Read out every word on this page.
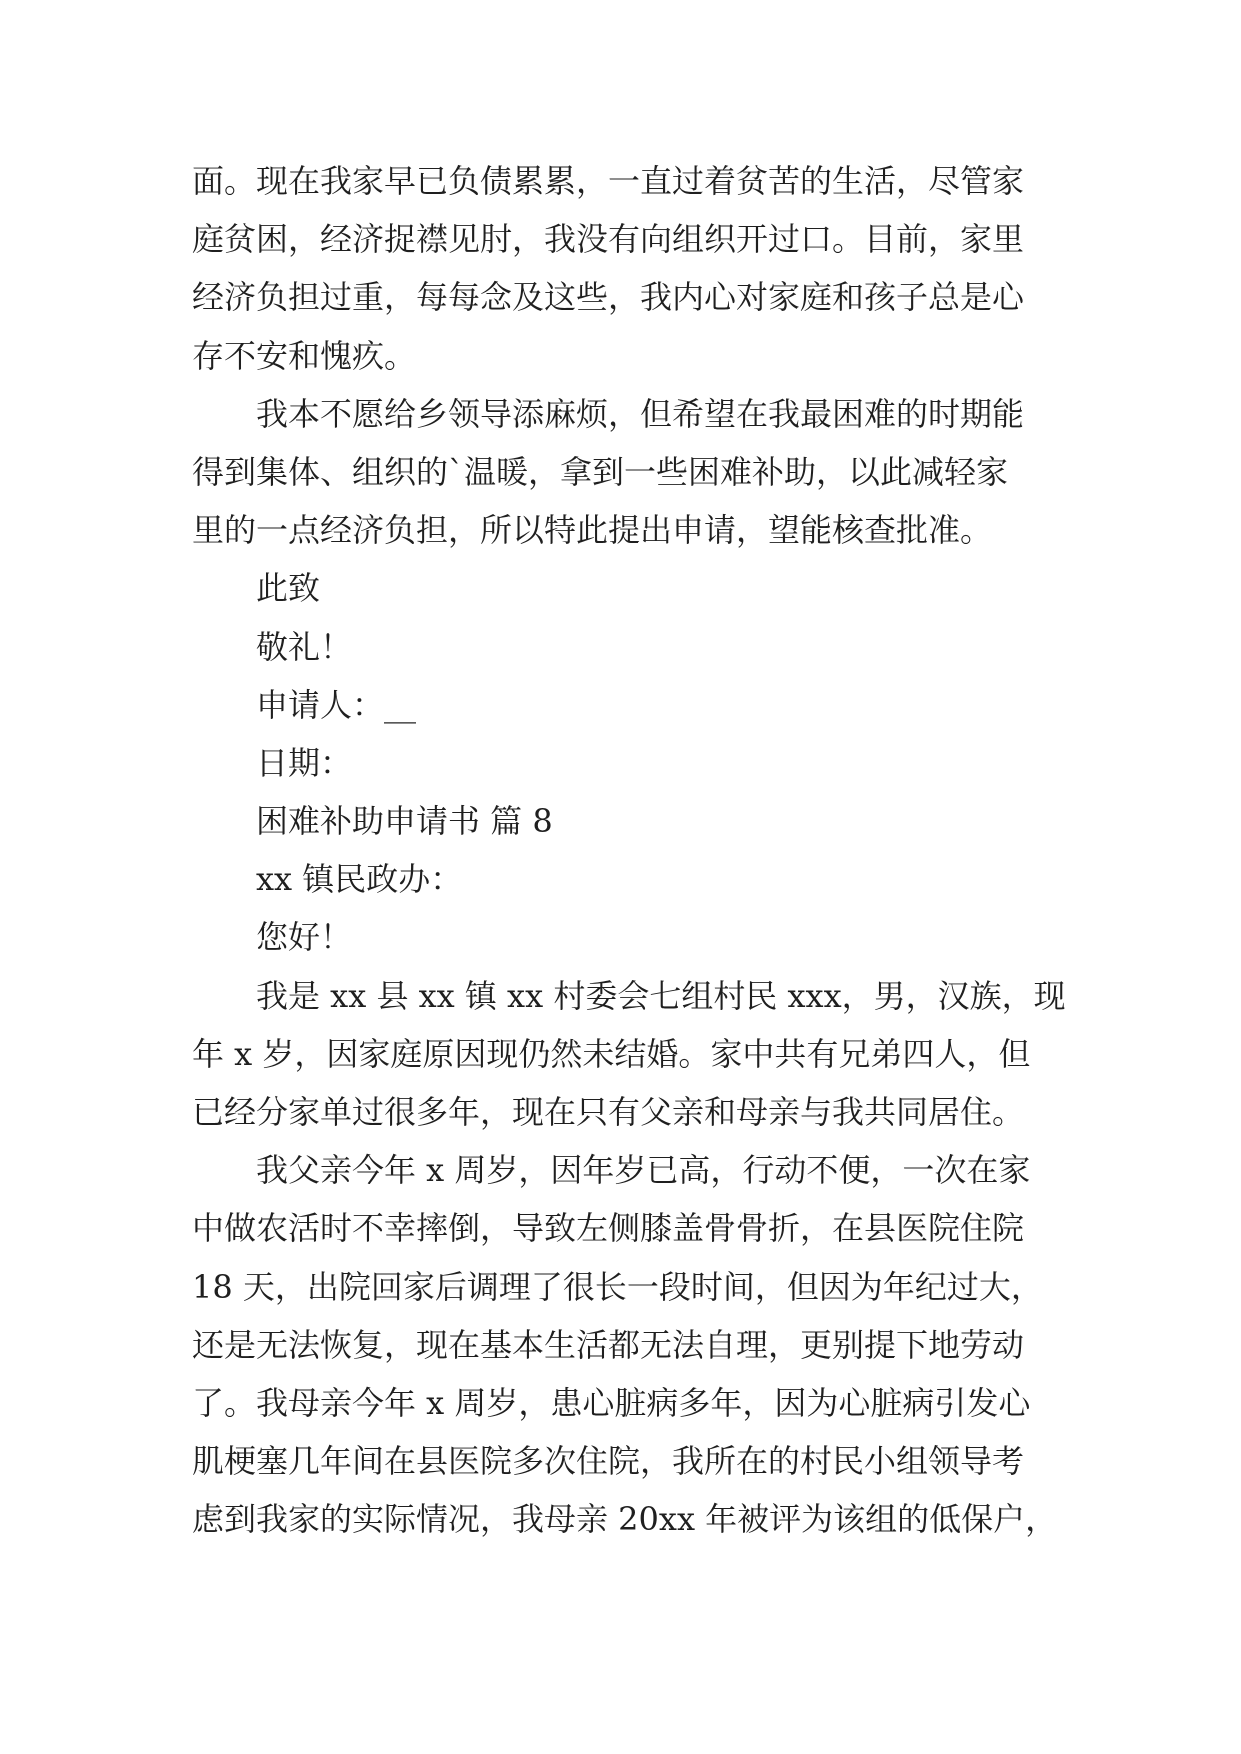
面。现在我家早已负债累累，一直过着贫苦的生活，尽管家
庭贫困，经济捉襟见肘，我没有向组织开过口。目前，家里
经济负担过重，每每念及这些，我内心对家庭和孩子总是心
存不安和愧疚。
我本不愿给乡领导添麻烦，但希望在我最困难的时期能
得到集体、组织的`温暖，拿到一些困难补助，以此减轻家
里的一点经济负担，所以特此提出申请，望能核查批准。
此致
敬礼！
申请人：__
日期：
困难补助申请书 篇 8
xx 镇民政办：
您好！
我是 xx 县 xx 镇 xx 村委会七组村民 xxx，男，汉族，现
年 x 岁，因家庭原因现仍然未结婚。家中共有兄弟四人，但
已经分家单过很多年，现在只有父亲和母亲与我共同居住。
我父亲今年 x 周岁，因年岁已高，行动不便，一次在家
中做农活时不幸摔倒，导致左侧膝盖骨骨折，在县医院住院
18 天，出院回家后调理了很长一段时间，但因为年纪过大，
还是无法恢复，现在基本生活都无法自理，更别提下地劳动
了。我母亲今年 x 周岁，患心脏病多年，因为心脏病引发心
肌梗塞几年间在县医院多次住院，我所在的村民小组领导考
虑到我家的实际情况，我母亲 20xx 年被评为该组的低保户，
